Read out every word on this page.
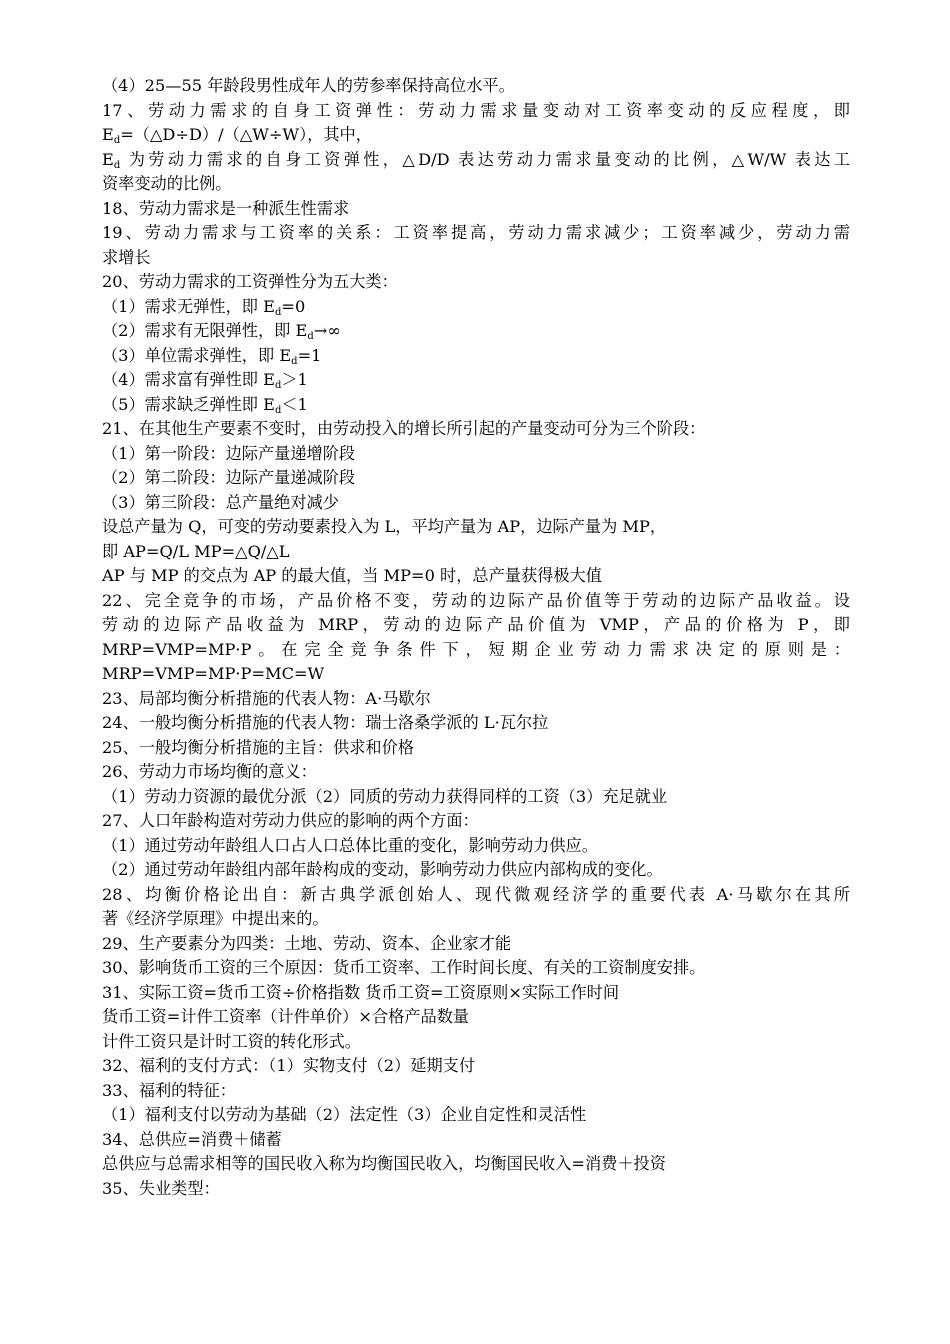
（4）25—55 年龄段男性成年人的劳参率保持高位水平。
17、劳动力需求的自身工资弹性：劳动力需求量变动对工资率变动的反应程度，即
$E_d=(\triangle D\div D)/(\triangle W\div W)$，其中，
$E_d$ 为劳动力需求的自身工资弹性，△D/D 表达劳动力需求量变动的比例，△W/W 表达工
资率变动的比例。
18、劳动力需求是一种派生性需求
19、劳动力需求与工资率的关系：工资率提高，劳动力需求减少；工资率减少，劳动力需
求增长
20、劳动力需求的工资弹性分为五大类：
（1）需求无弹性，即 $E_d=0$
（2）需求有无限弹性，即 $E_d\to\infty$
（3）单位需求弹性，即 $E_d=1$
（4）需求富有弹性即 $E_d>1$
（5）需求缺乏弹性即 $E_d<1$
21、在其他生产要素不变时，由劳动投入的增长所引起的产量变动可分为三个阶段：
（1）第一阶段：边际产量递增阶段
（2）第二阶段：边际产量递减阶段
（3）第三阶段：总产量绝对减少
设总产量为 Q，可变的劳动要素投入为 L，平均产量为 AP，边际产量为 MP，
即 AP=Q/L MP=△Q/△L
AP 与 MP 的交点为 AP 的最大值，当 MP=0 时，总产量获得极大值
22、完全竞争的市场，产品价格不变，劳动的边际产品价值等于劳动的边际产品收益。设
劳动的边际产品收益为 MRP，劳动的边际产品价值为 VMP，产品的价格为 P，即
MRP=VMP=MP·P。在完全竞争条件下，短期企业劳动力需求决定的原则是：
MRP=VMP=MP·P=MC=W
23、局部均衡分析措施的代表人物：A·马歇尔
24、一般均衡分析措施的代表人物：瑞士洛桑学派的 L·瓦尔拉
25、一般均衡分析措施的主旨：供求和价格
26、劳动力市场均衡的意义：
（1）劳动力资源的最优分派（2）同质的劳动力获得同样的工资（3）充足就业
27、人口年龄构造对劳动力供应的影响的两个方面：
（1）通过劳动年龄组人口占人口总体比重的变化，影响劳动力供应。
（2）通过劳动年龄组内部年龄构成的变动，影响劳动力供应内部构成的变化。
28、均衡价格论出自：新古典学派创始人、现代微观经济学的重要代表 A·马歇尔在其所
著《经济学原理》中提出来的。
29、生产要素分为四类：土地、劳动、资本、企业家才能
30、影响货币工资的三个原因：货币工资率、工作时间长度、有关的工资制度安排。
31、实际工资=货币工资÷价格指数 货币工资=工资原则×实际工作时间
货币工资=计件工资率（计件单价）×合格产品数量
计件工资只是计时工资的转化形式。
32、福利的支付方式：（1）实物支付（2）延期支付
33、福利的特征：
（1）福利支付以劳动为基础（2）法定性（3）企业自定性和灵活性
34、总供应=消费＋储蓄
总供应与总需求相等的国民收入称为均衡国民收入，均衡国民收入=消费＋投资
35、失业类型：
